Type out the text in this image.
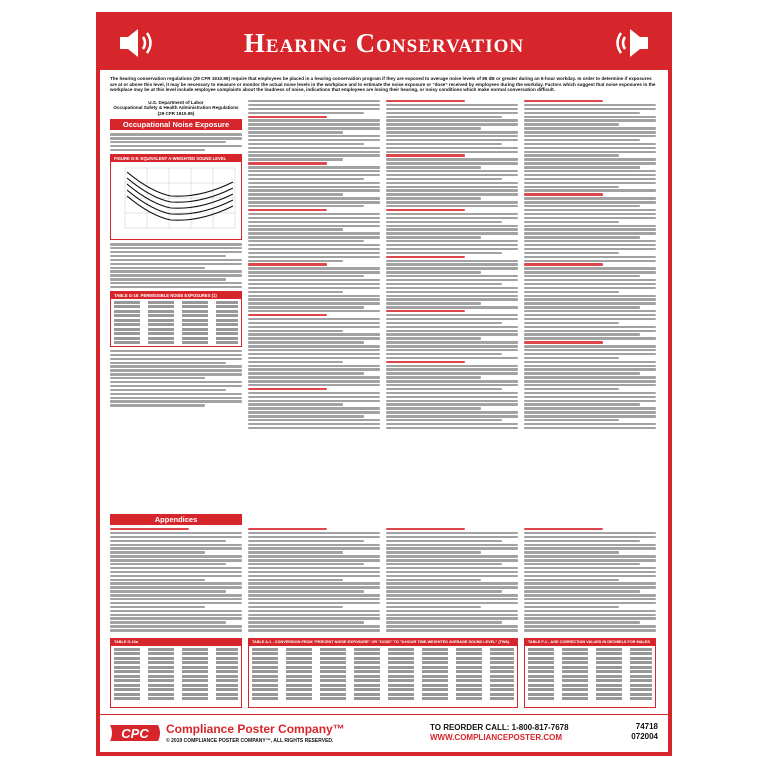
Hearing Conservation
The hearing conservation regulations (29 CFR 1910.95) require that employees be placed in a hearing conservation program if they are exposed to average noise levels of 85 dB or greater during an 8-hour workday. In order to determine if exposures are at or above this level, it may be necessary to measure or monitor the actual noise levels in the workplace and to estimate the noise exposure or "dose" received by employees during the workday. Factors which suggest that noise exposures in the workplace may be at this level include employee complaints about the loudness of noise, indications that employees are losing their hearing, or noisy conditions which make normal conversation difficult.
U.S. Department of Labor
Occupational Safety & Health Administration Regulations
(29 CFR 1910.95)
Occupational Noise Exposure
FIGURE G-9: EQUIVALENT A-WEIGHTED SOUND LEVEL
TABLE G-16: PERMISSIBLE NOISE EXPOSURES (1)
Appendices
TABLE G-16a	TABLE A-1 - CONVERSION FROM "PERCENT NOISE EXPOSURE" OR "DOSE" TO "8-HOUR TIME-WEIGHTED AVERAGE SOUND LEVEL" (TWA)	TABLE F-1 - AGE CORRECTION VALUES IN DECIBELS FOR MALES
CPC Compliance Poster Company™
© 2019 COMPLIANCE POSTER COMPANY™, ALL RIGHTS RESERVED.
TO REORDER CALL: 1-800-817-7678
WWW.COMPLIANCEPOSTER.COM
74718
072004
